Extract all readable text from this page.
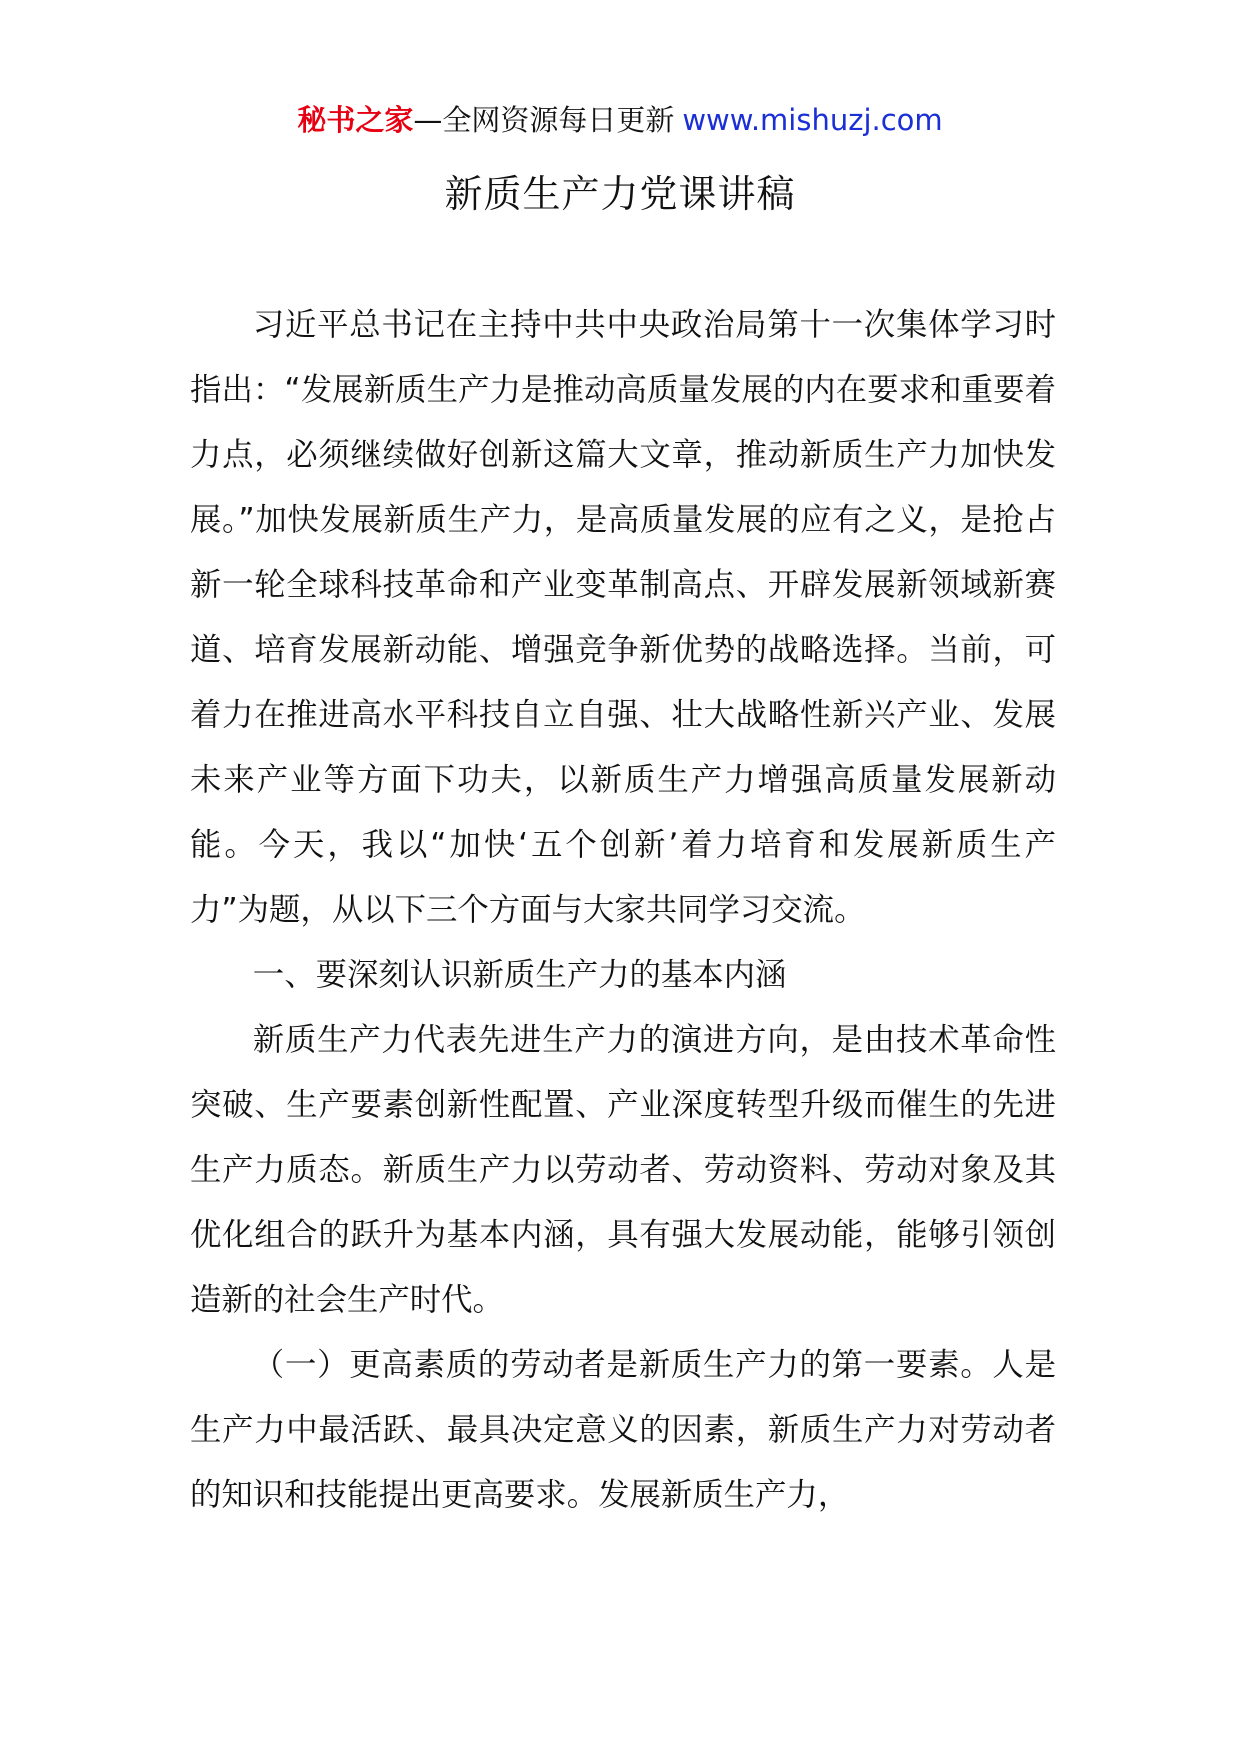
秘书之家—全网资源每日更新 www.mishuzj.com
新质生产力党课讲稿

习近平总书记在主持中共中央政治局第十一次集体学习时指出：“发展新质生产力是推动高质量发展的内在要求和重要着力点，必须继续做好创新这篇大文章，推动新质生产力加快发展。”加快发展新质生产力，是高质量发展的应有之义，是抢占新一轮全球科技革命和产业变革制高点、开辟发展新领域新赛道、培育发展新动能、增强竞争新优势的战略选择。当前，可着力在推进高水平科技自立自强、壮大战略性新兴产业、发展未来产业等方面下功夫，以新质生产力增强高质量发展新动能。今天，我以“加快‘五个创新’着力培育和发展新质生产力”为题，从以下三个方面与大家共同学习交流。

一、要深刻认识新质生产力的基本内涵

新质生产力代表先进生产力的演进方向，是由技术革命性突破、生产要素创新性配置、产业深度转型升级而催生的先进生产力质态。新质生产力以劳动者、劳动资料、劳动对象及其优化组合的跃升为基本内涵，具有强大发展动能，能够引领创造新的社会生产时代。

（一）更高素质的劳动者是新质生产力的第一要素。人是生产力中最活跃、最具决定意义的因素，新质生产力对劳动者的知识和技能提出更高要求。发展新质生产力，
